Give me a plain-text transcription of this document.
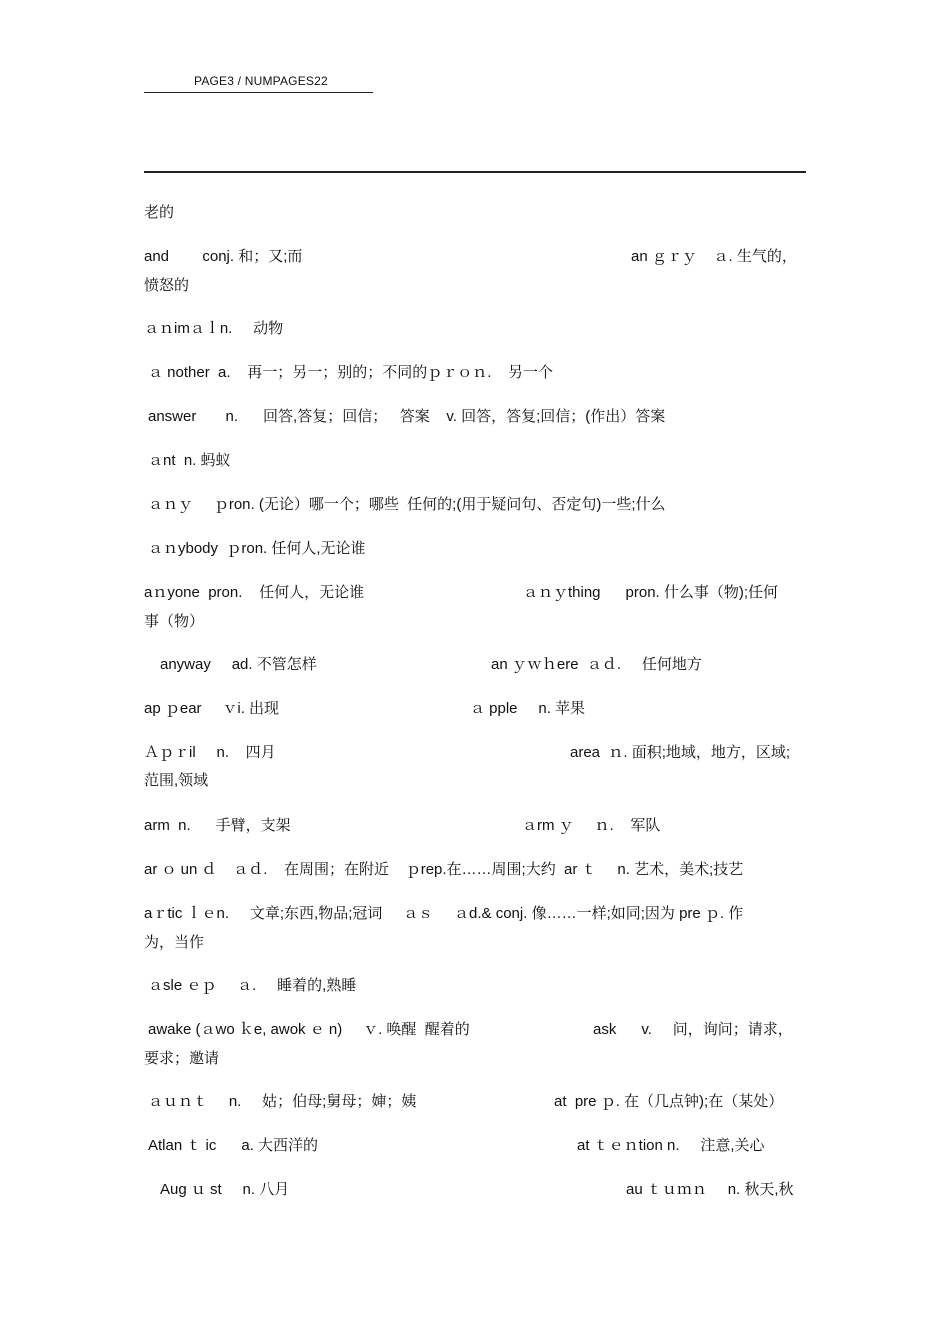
PAGE3 / NUMPAGES22
老的
and        conj. 和；又;而	an ｇｒｙ    ａ. 生气的，
愤怒的
ａｎimａｌn.     动物
ａ nother  a.    再一；另一；别的；不同的ｐｒｏｎ.    另一个
answer       n.      回答,答复；回信；   答案    v. 回答，答复;回信；(作出）答案
ａnt  n. 蚂蚁
ａｎｙ     ｐron. (无论）哪一个；哪些  任何的;(用于疑问句、否定句)一些;什么
ａｎybody  ｐron. 任何人,无论谁
aｎyone  pron.    任何人，无论谁	ａｎｙthing      pron. 什么事（物);任何
事（物）
anyway     ad. 不管怎样	an ｙｗｈere  ａｄ.     任何地方
ap ｐear     ｖi. 出现	ａ pple     n. 苹果
Ａｐｒil     n.    四月	area  ｎ. 面积;地域，地方，区域;
范围,领域
arm  n.      手臂，支架	ａrm ｙ     ｎ.    军队
ar ｏ un ｄ    ａｄ.    在周围；在附近    ｐrep.在……周围;大约  ar ｔ     n. 艺术，美术;技艺
aｒtic ｌｅn.     文章;东西,物品;冠词     ａｓ     ａd.& conj. 像……一样;如同;因为 pre ｐ. 作
为，当作
ａsle ｅｐ     ａ.     睡着的,熟睡
awake (ａwo ｋe, awok ｅ n)     ｖ. 唤醒  醒着的	ask      v.     问，询问；请求，
要求；邀请
ａｕｎｔ     n.     姑；伯母;舅母；婶；姨	at  pre ｐ. 在（几点钟);在（某处）
Atlan ｔ ic      a. 大西洋的	at ｔｅｎtion n.     注意,关心
Aug ｕ st     n. 八月	au ｔｕｍｎ     n. 秋天,秋
